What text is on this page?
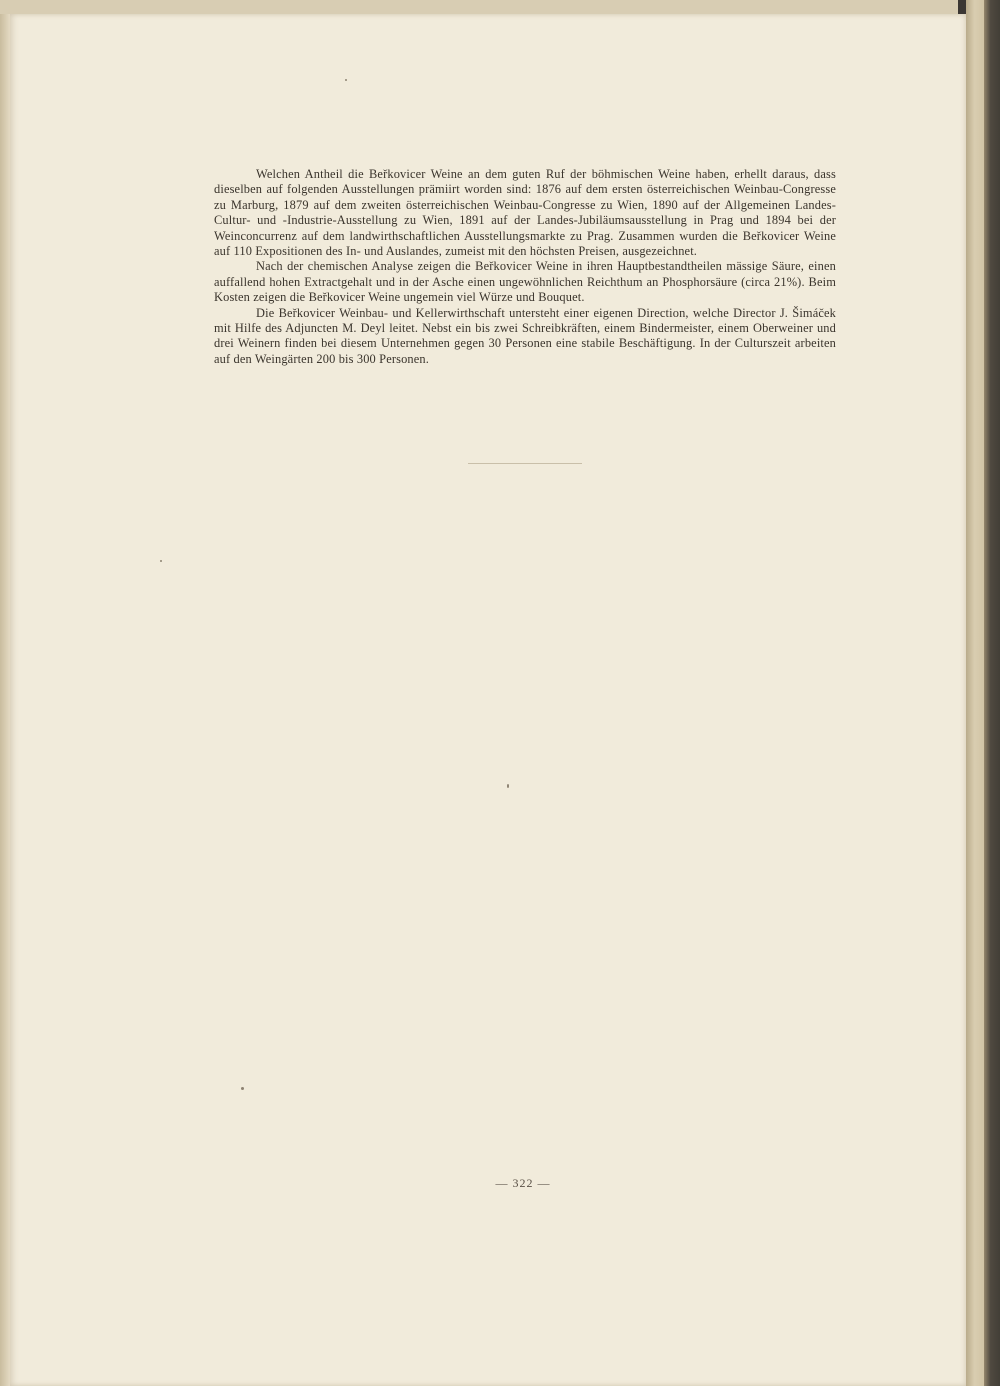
Welchen Antheil die Beřkovicer Weine an dem guten Ruf der böhmischen Weine haben, erhellt daraus, dass dieselben auf folgenden Ausstellungen prämiirt worden sind: 1876 auf dem ersten österreichischen Weinbau-Congresse zu Marburg, 1879 auf dem zweiten österreichischen Weinbau-Congresse zu Wien, 1890 auf der Allgemeinen Landes-Cultur- und -Industrie-Ausstellung zu Wien, 1891 auf der Landes-Jubiläumsausstellung in Prag und 1894 bei der Weinconcurrenz auf dem landwirthschaftlichen Ausstellungsmarkte zu Prag. Zusammen wurden die Beřkovicer Weine auf 110 Expositionen des In- und Auslandes, zumeist mit den höchsten Preisen, ausgezeichnet.

Nach der chemischen Analyse zeigen die Beřkovicer Weine in ihren Hauptbestandtheilen mässige Säure, einen auffallend hohen Extractgehalt und in der Asche einen ungewöhnlichen Reichthum an Phosphorsäure (circa 21%). Beim Kosten zeigen die Beřkovicer Weine ungemein viel Würze und Bouquet.

Die Beřkovicer Weinbau- und Kellerwirthschaft untersteht einer eigenen Direction, welche Director J. Šimáček mit Hilfe des Adjuncten M. Deyl leitet. Nebst ein bis zwei Schreibkräften, einem Bindermeister, einem Oberweiner und drei Weinern finden bei diesem Unternehmen gegen 30 Personen eine stabile Beschäftigung. In der Culturszeit arbeiten auf den Weingärten 200 bis 300 Personen.

— 322 —
